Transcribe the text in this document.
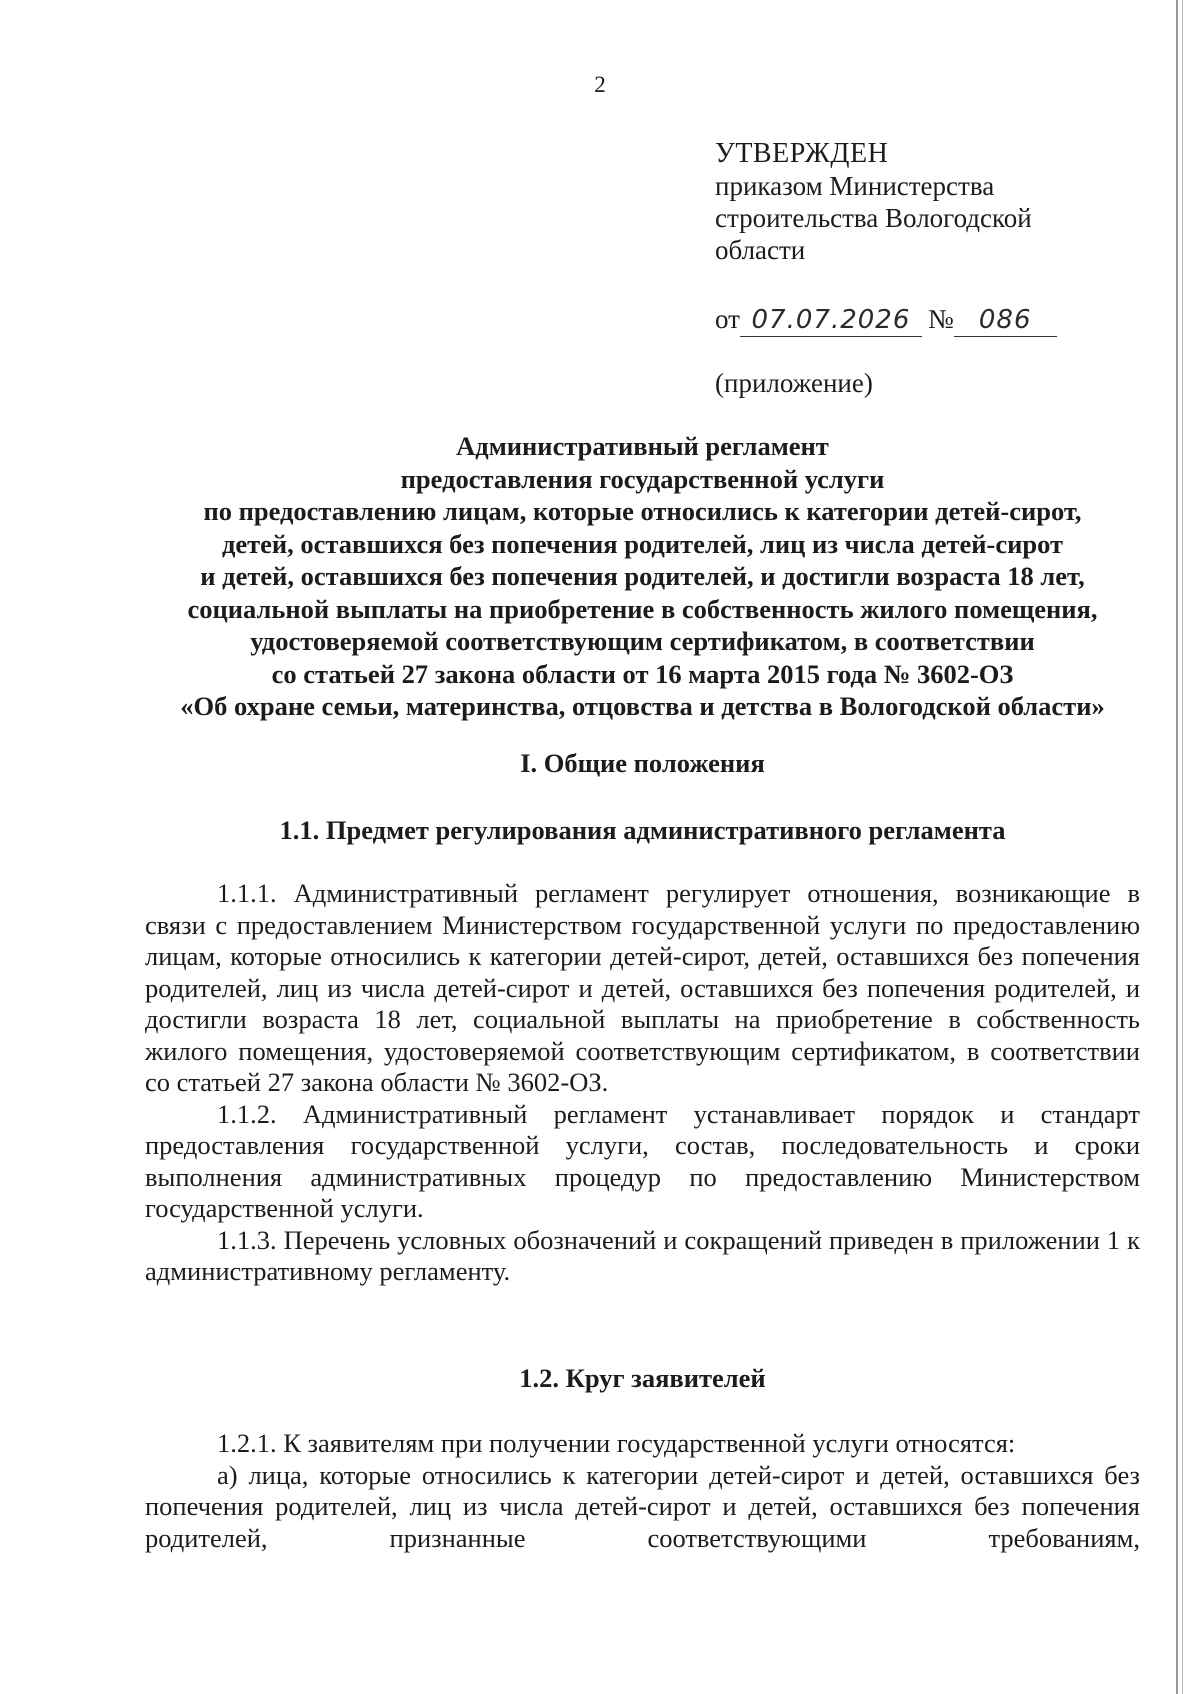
2
УТВЕРЖДЕН
приказом Министерства
строительства Вологодской
области
от 07.07.2026 № 086
(приложение)
Административный регламент
предоставления государственной услуги
по предоставлению лицам, которые относились к категории детей-сирот,
детей, оставшихся без попечения родителей, лиц из числа детей-сирот
и детей, оставшихся без попечения родителей, и достигли возраста 18 лет,
социальной выплаты на приобретение в собственность жилого помещения,
удостоверяемой соответствующим сертификатом, в соответствии
со статьей 27 закона области от 16 марта 2015 года № 3602-ОЗ
«Об охране семьи, материнства, отцовства и детства в Вологодской области»
I. Общие положения
1.1. Предмет регулирования административного регламента

1.1.1. Административный регламент регулирует отношения, возникающие в связи с предоставлением Министерством государственной услуги по предоставлению лицам, которые относились к категории детей-сирот, детей, оставшихся без попечения родителей, лиц из числа детей-сирот и детей, оставшихся без попечения родителей, и достигли возраста 18 лет, социальной выплаты на приобретение в собственность жилого помещения, удостоверяемой соответствующим сертификатом, в соответствии со статьей 27 закона области № 3602-ОЗ.

1.1.2. Административный регламент устанавливает порядок и стандарт предоставления государственной услуги, состав, последовательность и сроки выполнения административных процедур по предоставлению Министерством государственной услуги.

1.1.3. Перечень условных обозначений и сокращений приведен в приложении 1 к административному регламенту.

1.2. Круг заявителей

1.2.1. К заявителям при получении государственной услуги относятся:

а) лица, которые относились к категории детей-сирот и детей, оставшихся без попечения родителей, лиц из числа детей-сирот и детей, оставшихся без попечения родителей, признанные соответствующими требованиям,
